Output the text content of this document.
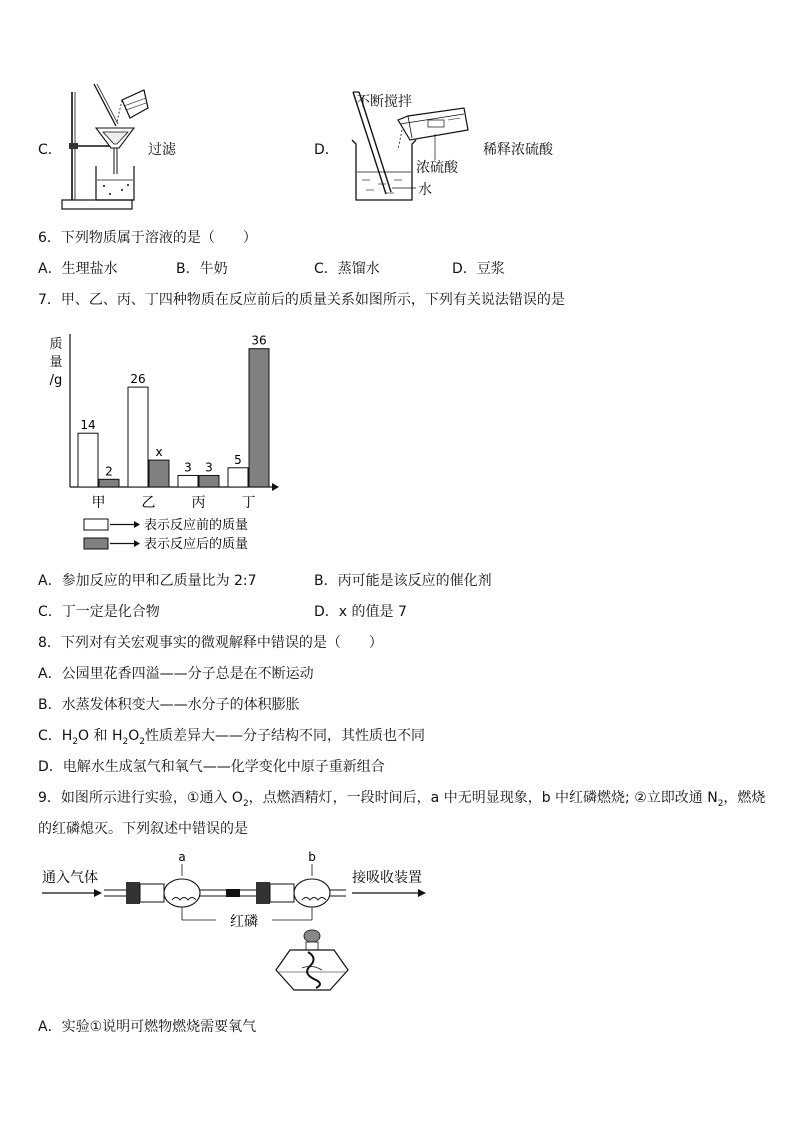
C．	过滤	D．
不断搅拌
浓硫酸
水
稀释浓硫酸
6．下列物质属于溶液的是（　　）
A．生理盐水	B．牛奶	C．蒸馏水	D．豆浆
7．甲、乙、丙、丁四种物质在反应前后的质量关系如图所示，下列有关说法错误的是
质
量
/g
14
2
甲
26
x
乙
3 3
丙
5
36
丁
表示反应前的质量
表示反应后的质量
A．参加反应的甲和乙质量比为 2:7	B．丙可能是该反应的催化剂
C．丁一定是化合物	D．x 的值是 7
8．下列对有关宏观事实的微观解释中错误的是（　　）
A．公园里花香四溢——分子总是在不断运动
B．水蒸发体积变大——水分子的体积膨胀
C．$H_2O$ 和 $H_2O_2$性质差异大——分子结构不同，其性质也不同
D．电解水生成氢气和氧气——化学变化中原子重新组合
9．如图所示进行实验，①通入 $O_2$，点燃酒精灯，一段时间后，a 中无明显现象，b 中红磷燃烧; ②立即改通 $N_2$，燃烧
的红磷熄灭。下列叙述中错误的是
通入气体	接吸收装置
a	b
红磷
A．实验①说明可燃物燃烧需要氧气
